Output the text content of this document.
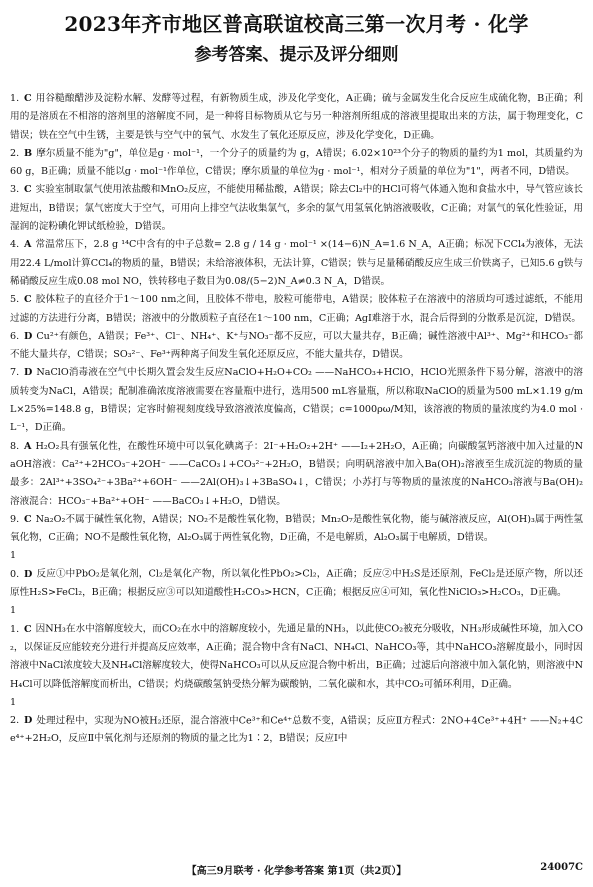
2023年齐市地区普高联谊校高三第一次月考 · 化学
参考答案、提示及评分细则

1. C 用谷糙酿醋涉及淀粉水解、发酵等过程，有新物质生成，涉及化学变化，A正确；硫与金属发生化合反应生成硫化物，B正确；利用的是溶质在不相溶的溶剂里的溶解度不同，是一种将目标物质从它与另一种溶剂所组成的溶液里提取出来的方法，属于物理变化，C错误；铁在空气中生锈，主要是铁与空气中的氧气、水发生了氧化还原反应，涉及化学变化，D正确。

2. B 摩尔质量不能为"g"，单位是g · mol⁻¹，一个分子的质量约为 g，A错误；6.02×10²³个分子的物质的量约为1 mol，其质量约为60 g，B正确；质量不能以g · mol⁻¹作单位，C错误；摩尔质量的单位为g · mol⁻¹，相对分子质量的单位为"1"，两者不同，D错误。

3. C 实验室制取氯气使用浓盐酸和MnO₂反应，不能使用稀盐酸，A错误；除去Cl₂中的HCl可将气体通入饱和食盐水中，导气管应该长进短出，B错误；氯气密度大于空气，可用向上排空气法收集氯气，多余的氯气用氢氧化钠溶液吸收，C正确；对氯气的氧化性验证，用湿润的淀粉碘化钾试纸检验，D错误。

4. A 常温常压下，2.8 g ¹⁴C中含有的中子总数= 2.8 g / 14 g · mol⁻¹ ×(14−6)N_A=1.6 N_A，A正确；标况下CCl₄为液体，无法用22.4 L/mol计算CCl₄的物质的量，B错误；未给溶液体积，无法计算，C错误；铁与足量稀硝酸反应生成三价铁离子，已知5.6 g铁与稀硝酸反应生成0.08 mol NO，铁转移电子数目为0.08/(5−2)N_A≠0.3 N_A，D错误。

5. C 胶体粒子的直径介于1～100 nm之间，且胶体不带电，胶粒可能带电，A错误；胶体粒子在溶液中的溶质均可透过滤纸，不能用过滤的方法进行分离，B错误；溶液中的分散质粒子直径在1～100 nm，C正确；AgI难溶于水，混合后得到的分散系是沉淀，D错误。

6. D Cu²⁺有颜色，A错误；Fe³⁺、Cl⁻、NH₄⁺、K⁺与NO₃⁻都不反应，可以大量共存，B正确；碱性溶液中Al³⁺、Mg²⁺和HCO₃⁻都不能大量共存，C错误；SO₃²⁻、Fe³⁺两种离子间发生氧化还原反应，不能大量共存，D错误。

7. D NaClO消毒液在空气中长期久置会发生反应NaClO+H₂O+CO₂ ——NaHCO₃+HClO，HClO光照条件下易分解，溶液中的溶质转变为NaCl，A错误；配制准确浓度溶液需要在容量瓶中进行，选用500 mL容量瓶，所以称取NaClO的质量为500 mL×1.19 g/mL×25%=148.8 g，B错误；定容时俯视刻度线导致溶液浓度偏高，C错误；c=1000ρω/M知，该溶液的物质的量浓度约为4.0 mol · L⁻¹，D正确。

8. A H₂O₂具有强氧化性，在酸性环境中可以氧化碘离子：2I⁻+H₂O₂+2H⁺ ——I₂+2H₂O，A正确；向碳酸氢钙溶液中加入过量的NaOH溶液：Ca²⁺+2HCO₃⁻+2OH⁻ ——CaCO₃↓+CO₃²⁻+2H₂O，B错误；向明矾溶液中加入Ba(OH)₂溶液至生成沉淀的物质的量最多：2Al³⁺+3SO₄²⁻+3Ba²⁺+6OH⁻ ——2Al(OH)₃↓+3BaSO₄↓，C错误；小苏打与等物质的量浓度的NaHCO₃溶液与Ba(OH)₂溶液混合：HCO₃⁻+Ba²⁺+OH⁻ ——BaCO₃↓+H₂O，D错误。

9. C Na₂O₂不属于碱性氧化物，A错误；NO₂不是酸性氧化物，B错误；Mn₂O₇是酸性氧化物，能与碱溶液反应，Al(OH)₃属于两性氢氧化物，C正确；NO不是酸性氧化物，Al₂O₃属于两性氧化物，D正确，不是电解质，Al₂O₃属于电解质，D错误。

10. D 反应①中PbO₂是氧化剂，Cl₂是氧化产物，所以氧化性PbO₂>Cl₂，A正确；反应②中H₂S是还原剂，FeCl₂是还原产物，所以还原性H₂S>FeCl₂，B正确；根据反应③可以知道酸性H₂CO₃>HCN，C正确；根据反应④可知，氧化性NiClO₃>H₂CO₃，D正确。

11. C 因NH₃在水中溶解度较大，而CO₂在水中的溶解度较小，先通足量的NH₃，以此使CO₂被充分吸收，NH₃形成碱性环境，加入CO₂，以保证反应能较充分进行并提高反应效率，A正确；混合物中含有NaCl、NH₄Cl、NaHCO₃等，其中NaHCO₃溶解度最小，同时因溶液中NaCl浓度较大及NH₄Cl溶解度较大，使得NaHCO₃可以从反应混合物中析出，B正确；过滤后向溶液中加入氯化钠，则溶液中NH₄Cl可以降低溶解度而析出，C错误；灼烧碳酸氢钠受热分解为碳酸钠，二氧化碳和水，其中CO₂可循环利用，D正确。

12. D 处理过程中，实现为NO被H₂还原，混合溶液中Ce³⁺和Ce⁴⁺总数不变，A错误；反应Ⅱ方程式：2NO+4Ce³⁺+4H⁺ ——N₂+4Ce⁴⁺+2H₂O，反应Ⅱ中氧化剂与还原剂的物质的量之比为1∶2，B错误；反应Ⅰ中

【高三9月联考 · 化学参考答案 第1页（共2页）】	24007C
